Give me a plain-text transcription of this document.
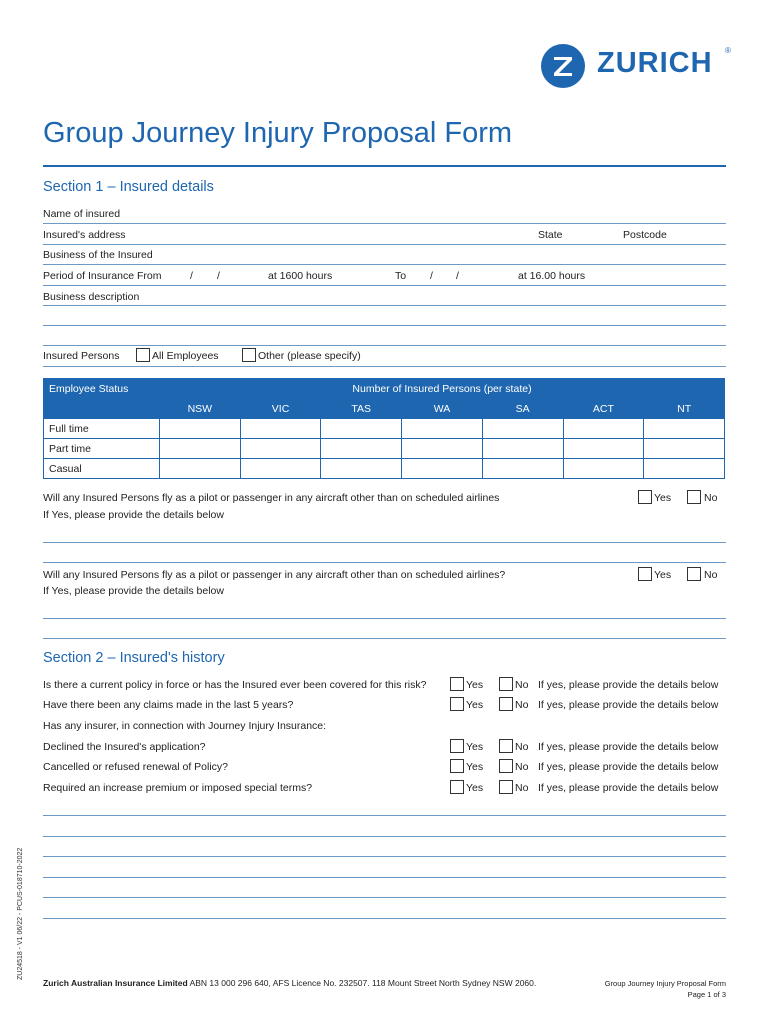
ZURICH ®
Group Journey Injury Proposal Form
Section 1 – Insured details
Name of insured
Insured's address	State	Postcode
Business of the Insured
Period of Insurance From	/ /	at 1600 hours	To / /	at 16.00 hours
Business description
Insured Persons	All Employees	Other (please specify)
Employee Status	Number of Insured Persons (per state)						
	NSW	VIC	TAS	WA	SA	ACT	NT
Full time							
Part time							
Casual							
Will any Insured Persons fly as a pilot or passenger in any aircraft other than on scheduled airlines	Yes	No
If Yes, please provide the details below
Will any Insured Persons fly as a pilot or passenger in any aircraft other than on scheduled airlines?	Yes	No
If Yes, please provide the details below
Section 2 – Insured's history
Is there a current policy in force or has the Insured ever been covered for this risk?	Yes	No If yes, please provide the details below
Have there been any claims made in the last 5 years?	Yes	No If yes, please provide the details below
Has any insurer, in connection with Journey Injury Insurance:
Declined the Insured's application?	Yes	No If yes, please provide the details below
Cancelled or refused renewal of Policy?	Yes	No If yes, please provide the details below
Required an increase premium or imposed special terms?	Yes	No If yes, please provide the details below
ZU24518 - V1 06/22 - PCUS-018710-2022
Zurich Australian Insurance Limited ABN 13 000 296 640, AFS Licence No. 232507. 118 Mount Street North Sydney NSW 2060.	Group Journey Injury Proposal Form
Page 1 of 3
